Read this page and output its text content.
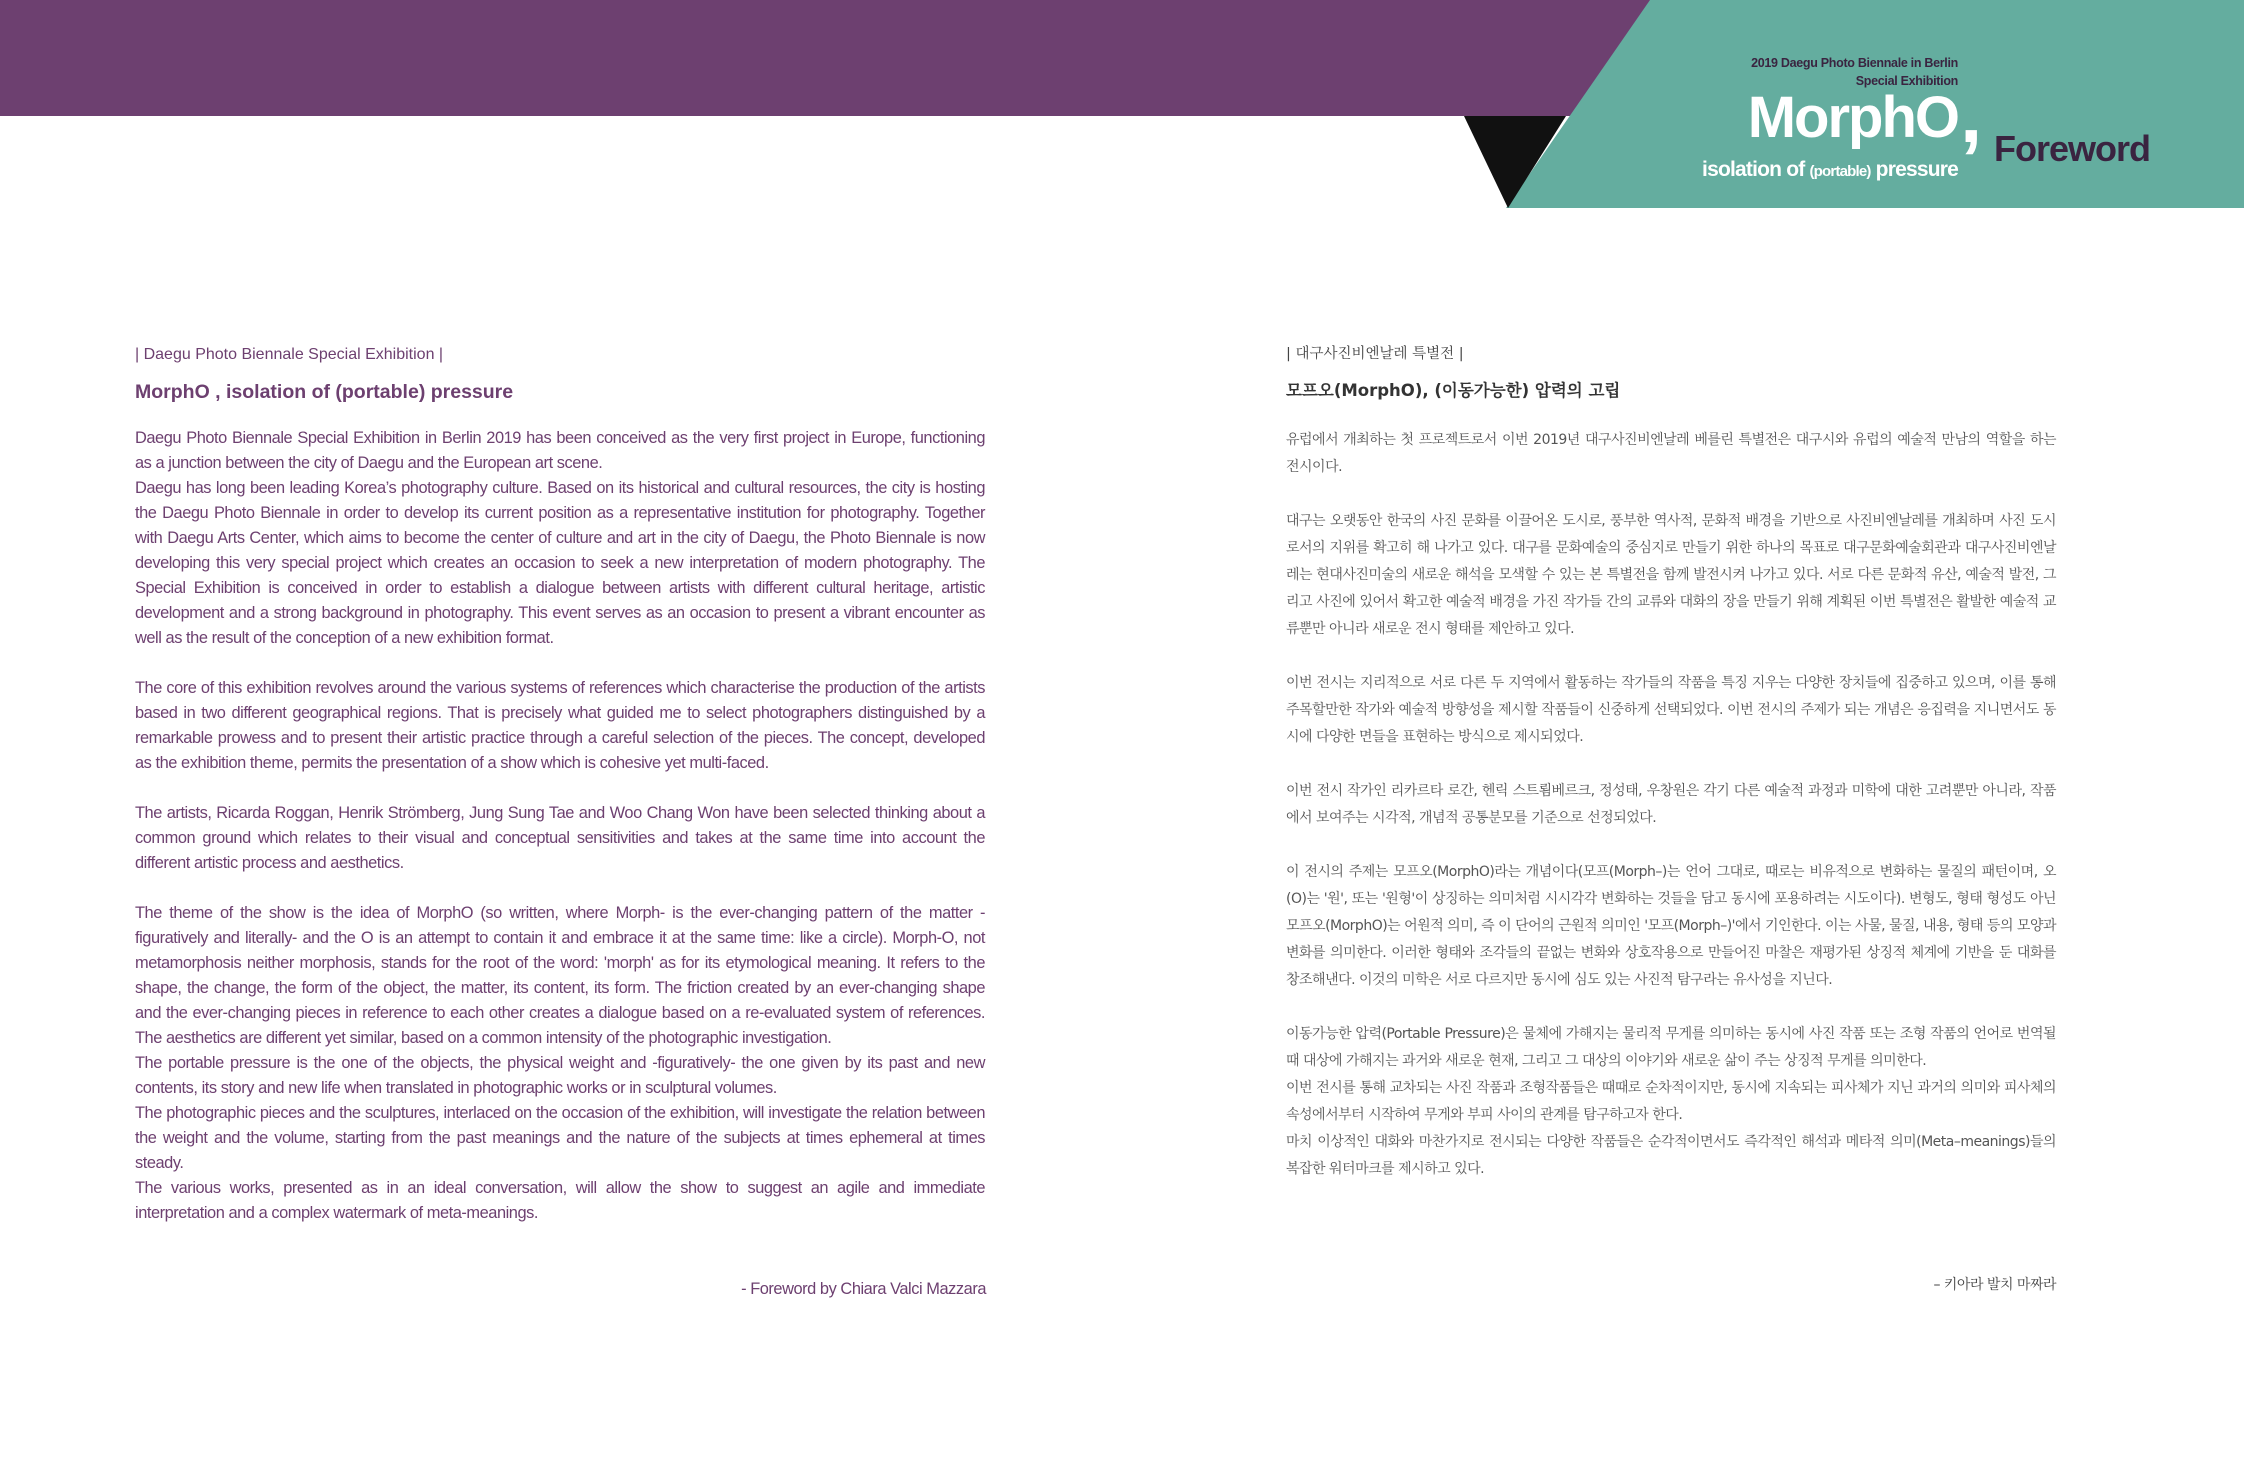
2019 Daegu Photo Biennale in Berlin
Special Exhibition
MorphO , Foreword
isolation of (portable) pressure
| Daegu Photo Biennale Special Exhibition |
MorphO , isolation of (portable) pressure

Daegu Photo Biennale Special Exhibition in Berlin 2019 has been conceived as the very first project in Europe, functioning as a junction between the city of Daegu and the European art scene.

Daegu has long been leading Korea’s photography culture. Based on its historical and cultural resources, the city is hosting the Daegu Photo Biennale in order to develop its current position as a representative institution for photography. Together with Daegu Arts Center, which aims to become the center of culture and art in the city of Daegu, the Photo Biennale is now developing this very special project which creates an occasion to seek a new interpretation of modern photography. The Special Exhibition is conceived in order to establish a dialogue between artists with different cultural heritage, artistic development and a strong background in photography. This event serves as an occasion to present a vibrant encounter as well as the result of the conception of a new exhibition format.

The core of this exhibition revolves around the various systems of references which characterise the production of the artists based in two different geographical regions. That is precisely what guided me to select photographers distinguished by a remarkable prowess and to present their artistic practice through a careful selection of the pieces. The concept, developed as the exhibition theme, permits the presentation of a show which is cohesive yet multi-faced.

The artists, Ricarda Roggan, Henrik Strömberg, Jung Sung Tae and Woo Chang Won have been selected thinking about a common ground which relates to their visual and conceptual sensitivities and takes at the same time into account the different artistic process and aesthetics.

The theme of the show is the idea of MorphO (so written, where Morph- is the ever-changing pattern of the matter -figuratively and literally- and the O is an attempt to contain it and embrace it at the same time: like a circle). Morph-O, not metamorphosis neither morphosis, stands for the root of the word: 'morph' as for its etymological meaning. It refers to the shape, the change, the form of the object, the matter, its content, its form. The friction created by an ever-changing shape and the ever-changing pieces in reference to each other creates a dialogue based on a re-evaluated system of references. The aesthetics are different yet similar, based on a common intensity of the photographic investigation.

The portable pressure is the one of the objects, the physical weight and -figuratively- the one given by its past and new contents, its story and new life when translated in photographic works or in sculptural volumes.

The photographic pieces and the sculptures, interlaced on the occasion of the exhibition, will investigate the relation between the weight and the volume, starting from the past meanings and the nature of the subjects at times ephemeral at times steady.

The various works, presented as in an ideal conversation, will allow the show to suggest an agile and immediate interpretation and a complex watermark of meta-meanings.

- Foreword by Chiara Valci Mazzara
| 대구사진비엔날레 특별전 |
모프오(MorphO), (이동가능한) 압력의 고립

유럽에서 개최하는 첫 프로젝트로서 이번 2019년 대구사진비엔날레 베를린 특별전은 대구시와 유럽의 예술적 만남의 역할을 하는 전시이다.

대구는 오랫동안 한국의 사진 문화를 이끌어온 도시로, 풍부한 역사적, 문화적 배경을 기반으로 사진비엔날레를 개최하며 사진 도시로서의 지위를 확고히 해 나가고 있다. 대구를 문화예술의 중심지로 만들기 위한 하나의 목표로 대구문화예술회관과 대구사진비엔날레는 현대사진미술의 새로운 해석을 모색할 수 있는 본 특별전을 함께 발전시켜 나가고 있다. 서로 다른 문화적 유산, 예술적 발전, 그리고 사진에 있어서 확고한 예술적 배경을 가진 작가들 간의 교류와 대화의 장을 만들기 위해 계획된 이번 특별전은 활발한 예술적 교류뿐만 아니라 새로운 전시 형태를 제안하고 있다.

이번 전시는 지리적으로 서로 다른 두 지역에서 활동하는 작가들의 작품을 특징 지우는 다양한 장치들에 집중하고 있으며, 이를 통해 주목할만한 작가와 예술적 방향성을 제시할 작품들이 신중하게 선택되었다. 이번 전시의 주제가 되는 개념은 응집력을 지니면서도 동시에 다양한 면들을 표현하는 방식으로 제시되었다.

이번 전시 작가인 리카르타 로간, 헨릭 스트룀베르크, 정성태, 우창원은 각기 다른 예술적 과정과 미학에 대한 고려뿐만 아니라, 작품에서 보여주는 시각적, 개념적 공통분모를 기준으로 선정되었다.

이 전시의 주제는 모프오(MorphO)라는 개념이다(모프(Morph–)는 언어 그대로, 때로는 비유적으로 변화하는 물질의 패턴이며, 오(O)는 '원', 또는 '원형'이 상징하는 의미처럼 시시각각 변화하는 것들을 담고 동시에 포용하려는 시도이다). 변형도, 형태 형성도 아닌 모프오(MorphO)는 어원적 의미, 즉 이 단어의 근원적 의미인 '모프(Morph–)'에서 기인한다. 이는 사물, 물질, 내용, 형태 등의 모양과 변화를 의미한다. 이러한 형태와 조각들의 끝없는 변화와 상호작용으로 만들어진 마찰은 재평가된 상징적 체계에 기반을 둔 대화를 창조해낸다. 이것의 미학은 서로 다르지만 동시에 심도 있는 사진적 탐구라는 유사성을 지닌다.

이동가능한 압력(Portable Pressure)은 물체에 가해지는 물리적 무게를 의미하는 동시에 사진 작품 또는 조형 작품의 언어로 번역될 때 대상에 가해지는 과거와 새로운 현재, 그리고 그 대상의 이야기와 새로운 삶이 주는 상징적 무게를 의미한다.

이번 전시를 통해 교차되는 사진 작품과 조형작품들은 때때로 순차적이지만, 동시에 지속되는 피사체가 지닌 과거의 의미와 피사체의 속성에서부터 시작하여 무게와 부피 사이의 관계를 탐구하고자 한다.

마치 이상적인 대화와 마찬가지로 전시되는 다양한 작품들은 순각적이면서도 즉각적인 해석과 메타적 의미(Meta–meanings)들의 복잡한 워터마크를 제시하고 있다.

– 키아라 발치 마짜라
